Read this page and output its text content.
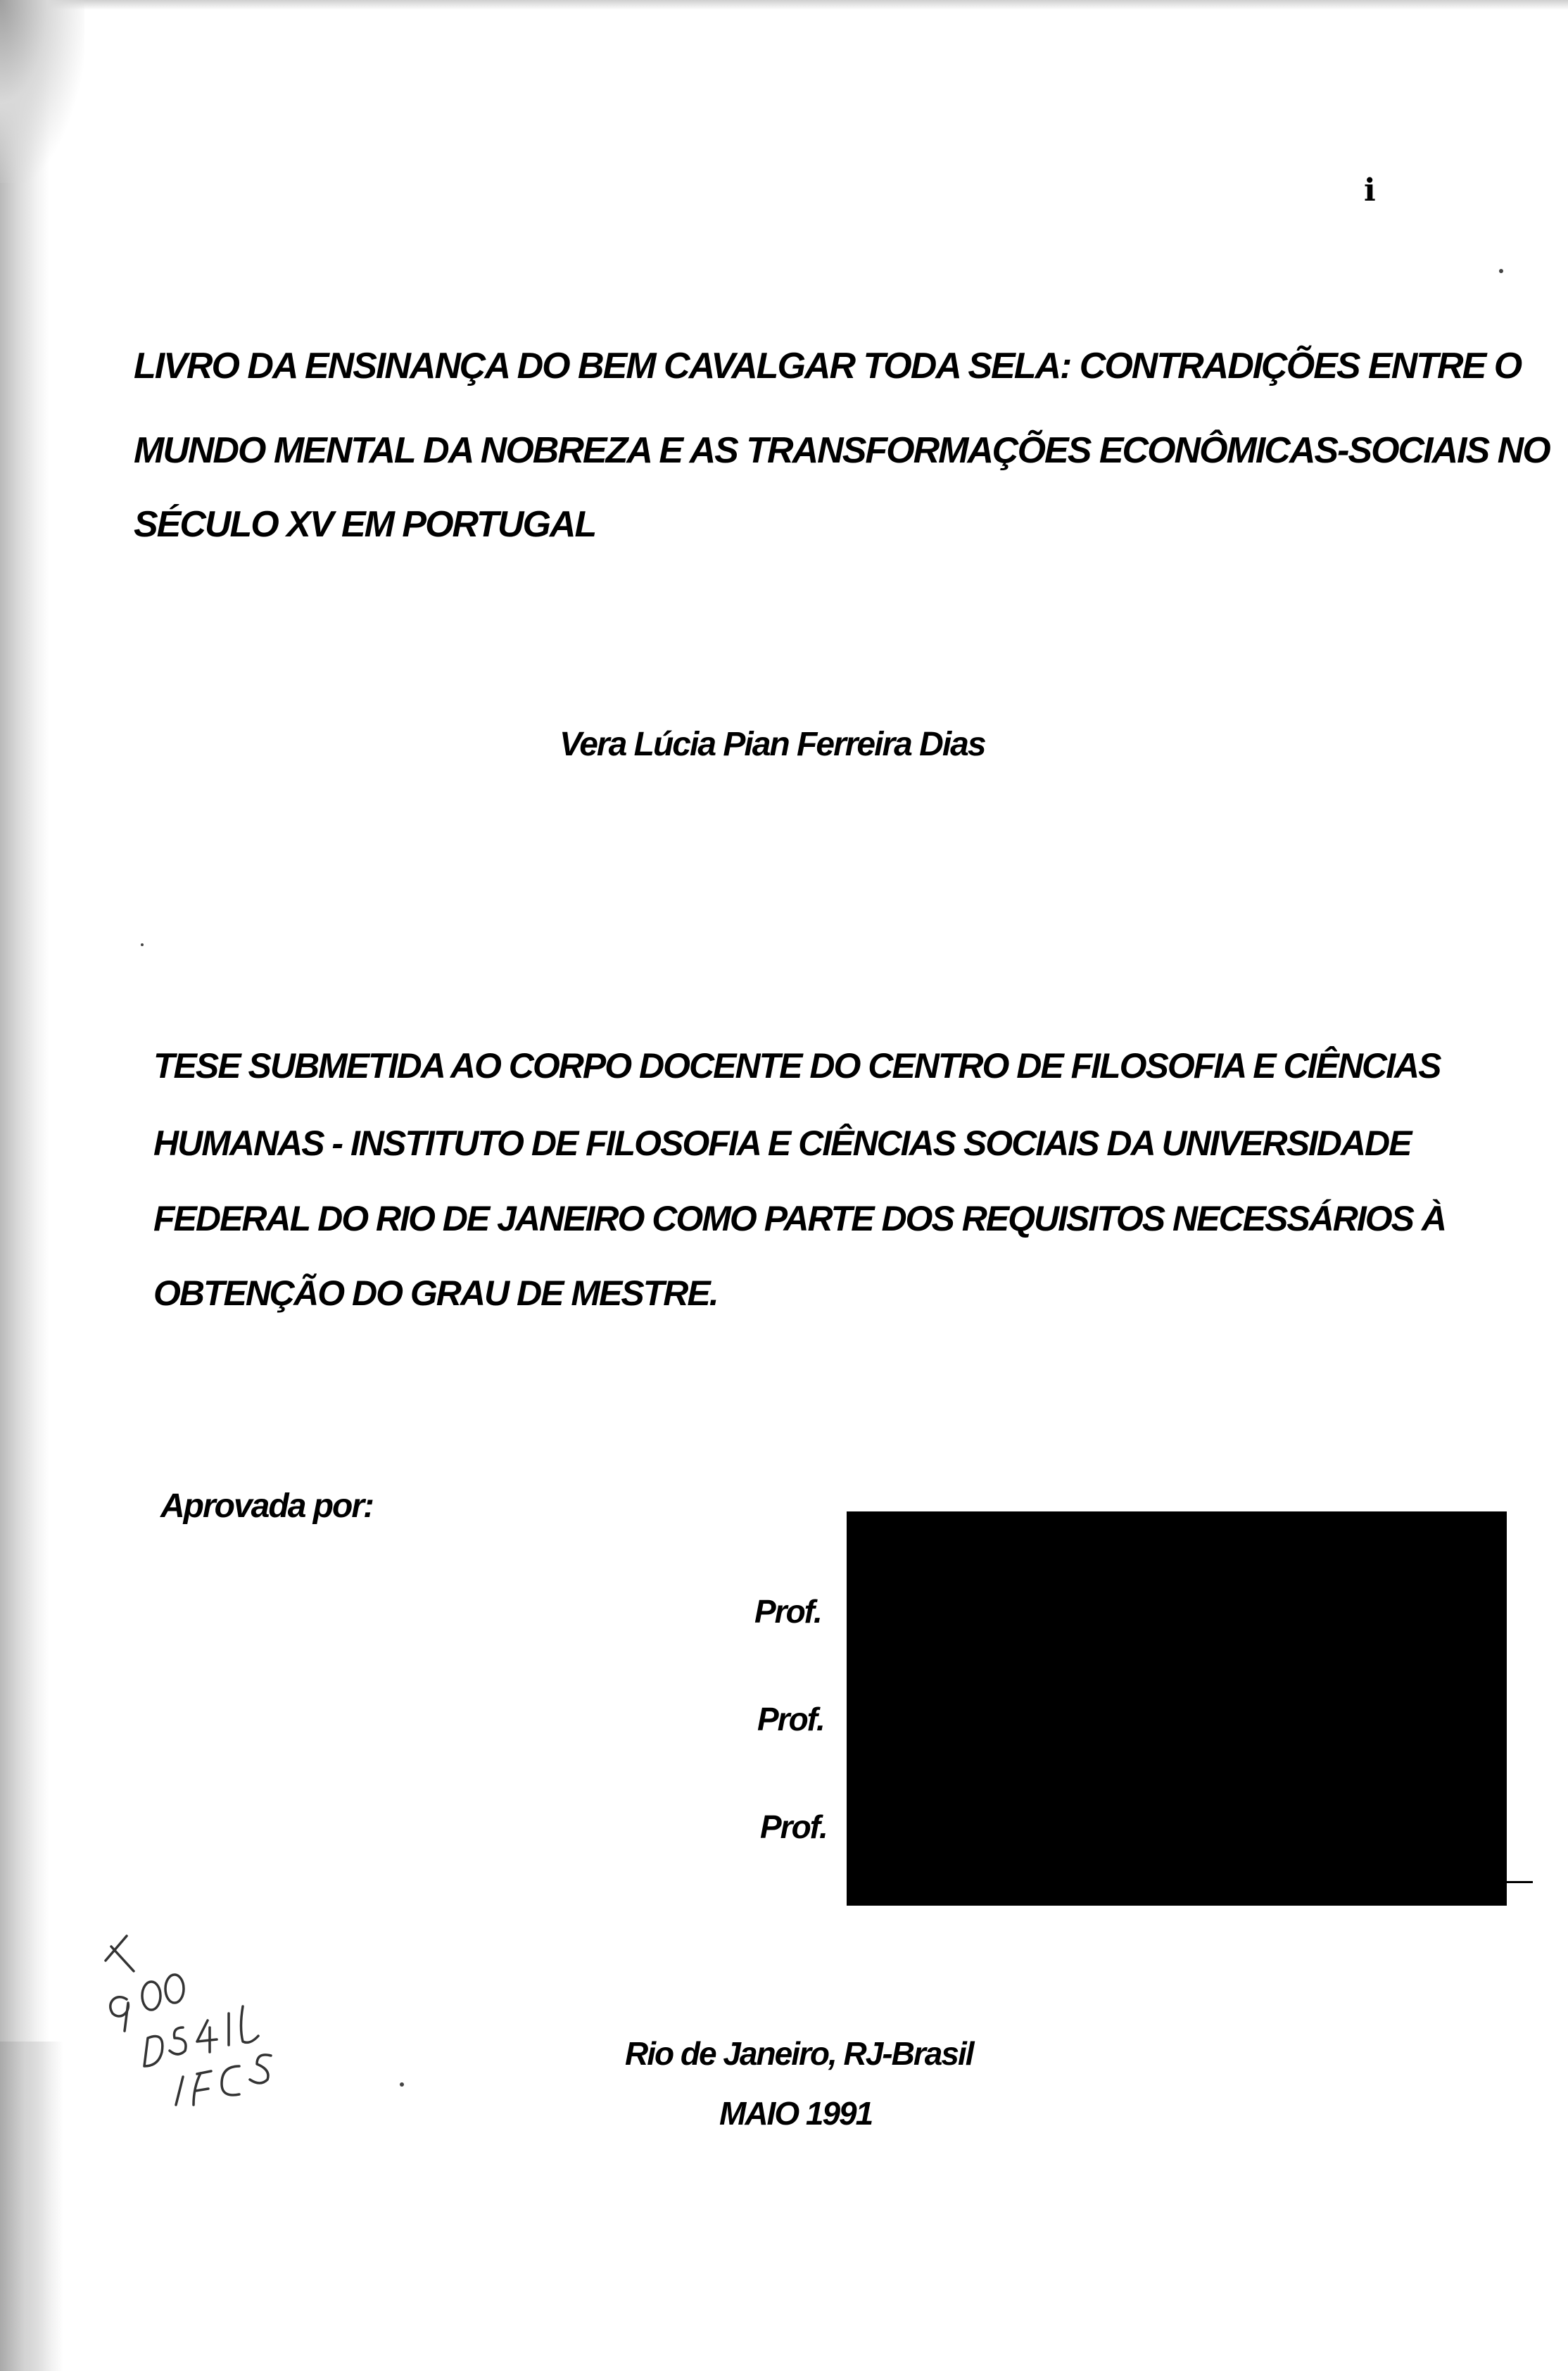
i
LIVRO DA ENSINANÇA DO BEM CAVALGAR TODA SELA: CONTRADIÇÕES ENTRE O
MUNDO MENTAL DA NOBREZA E AS TRANSFORMAÇÕES ECONÔMICAS-SOCIAIS NO
SÉCULO XV EM PORTUGAL
Vera Lúcia Pian Ferreira Dias
TESE SUBMETIDA AO CORPO DOCENTE DO CENTRO DE FILOSOFIA E CIÊNCIAS
HUMANAS - INSTITUTO DE FILOSOFIA E CIÊNCIAS SOCIAIS DA UNIVERSIDADE
FEDERAL DO RIO DE JANEIRO COMO PARTE DOS REQUISITOS NECESSÁRIOS À
OBTENÇÃO DO GRAU DE MESTRE.
Aprovada por:
Prof.
Prof.
Prof.
Rio de Janeiro, RJ-Brasil
MAIO 1991
